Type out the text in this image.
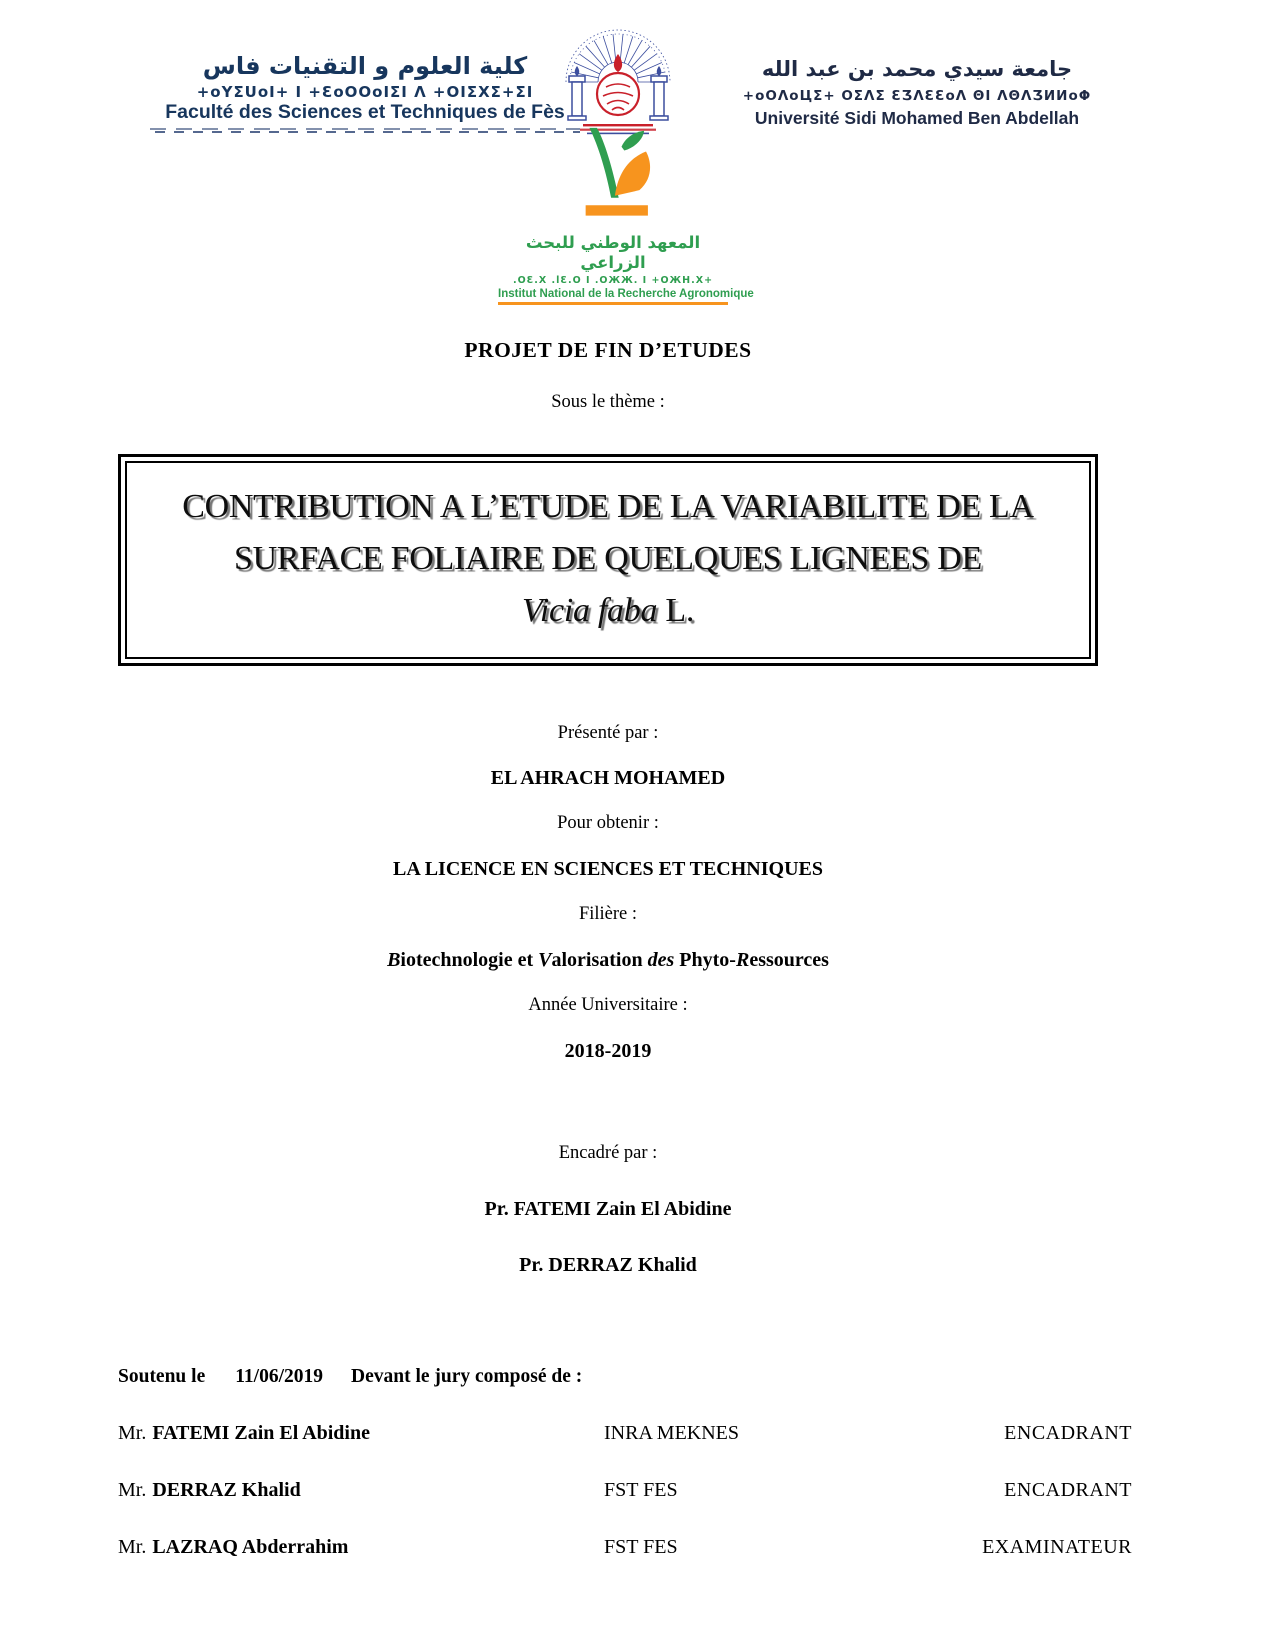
كلية العلوم و التقنيات فاس
+oYΣUoI+ I +ƐoOOoIΣI Λ +OIΣXΣ+ΣI
Faculté des Sciences et Techniques de Fès
جامعة سيدي محمد بن عبد الله
+oOΛoЦΣ+ OΣΛΣ ƐӠΛƐƐoΛ ΘI ΛΘΛӠИИoΦ
Université Sidi Mohamed Ben Abdellah
المعهد الوطني للبحث الزراعي
.OƐ.X .lƐ.O I .OЖЖ. I +OЖH.X+
Institut National de la Recherche Agronomique
PROJET DE FIN D’ETUDES
Sous le thème :
CONTRIBUTION A L’ETUDE DE LA VARIABILITE DE LA
SURFACE FOLIAIRE DE QUELQUES LIGNEES DE
Vicia faba L.
Présenté par :
EL AHRACH MOHAMED
Pour obtenir :
LA LICENCE EN SCIENCES ET TECHNIQUES
Filière :
Biotechnologie et Valorisation des Phyto-Ressources
Année Universitaire :
2018-2019
Encadré par :
Pr. FATEMI Zain El Abidine
Pr. DERRAZ Khalid
Soutenu le 11/06/2019 Devant le jury composé de :
Mr. FATEMI Zain El Abidine	INRA MEKNES	ENCADRANT
Mr. DERRAZ Khalid	FST FES	ENCADRANT
Mr. LAZRAQ Abderrahim	FST FES	EXAMINATEUR
